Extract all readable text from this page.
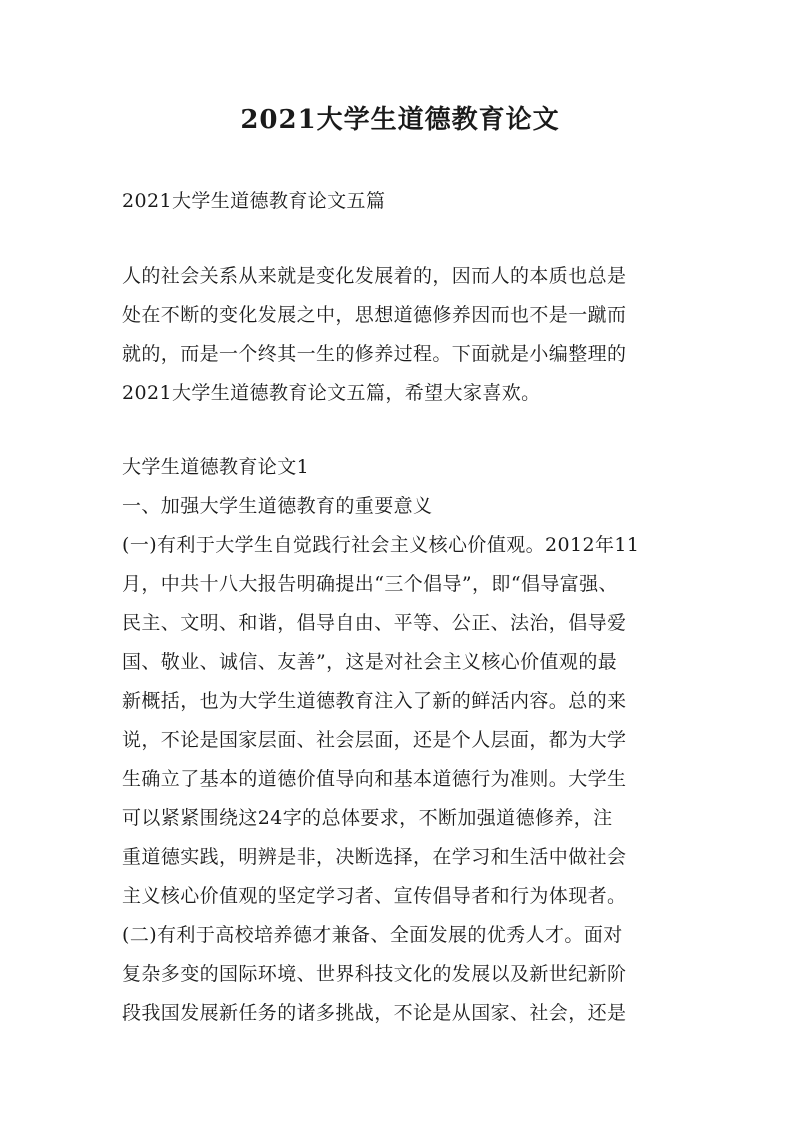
2021大学生道德教育论文
2021大学生道德教育论文五篇
人的社会关系从来就是变化发展着的，因而人的本质也总是
处在不断的变化发展之中，思想道德修养因而也不是一蹴而
就的，而是一个终其一生的修养过程。下面就是小编整理的
2021大学生道德教育论文五篇，希望大家喜欢。
大学生道德教育论文1
一、加强大学生道德教育的重要意义
(一)有利于大学生自觉践行社会主义核心价值观。2012年11
月，中共十八大报告明确提出“三个倡导”，即“倡导富强、
民主、文明、和谐，倡导自由、平等、公正、法治，倡导爱
国、敬业、诚信、友善”，这是对社会主义核心价值观的最
新概括，也为大学生道德教育注入了新的鲜活内容。总的来
说，不论是国家层面、社会层面，还是个人层面，都为大学
生确立了基本的道德价值导向和基本道德行为准则。大学生
可以紧紧围绕这24字的总体要求，不断加强道德修养，注
重道德实践，明辨是非，决断选择，在学习和生活中做社会
主义核心价值观的坚定学习者、宣传倡导者和行为体现者。
(二)有利于高校培养德才兼备、全面发展的优秀人才。面对
复杂多变的国际环境、世界科技文化的发展以及新世纪新阶
段我国发展新任务的诸多挑战，不论是从国家、社会，还是
